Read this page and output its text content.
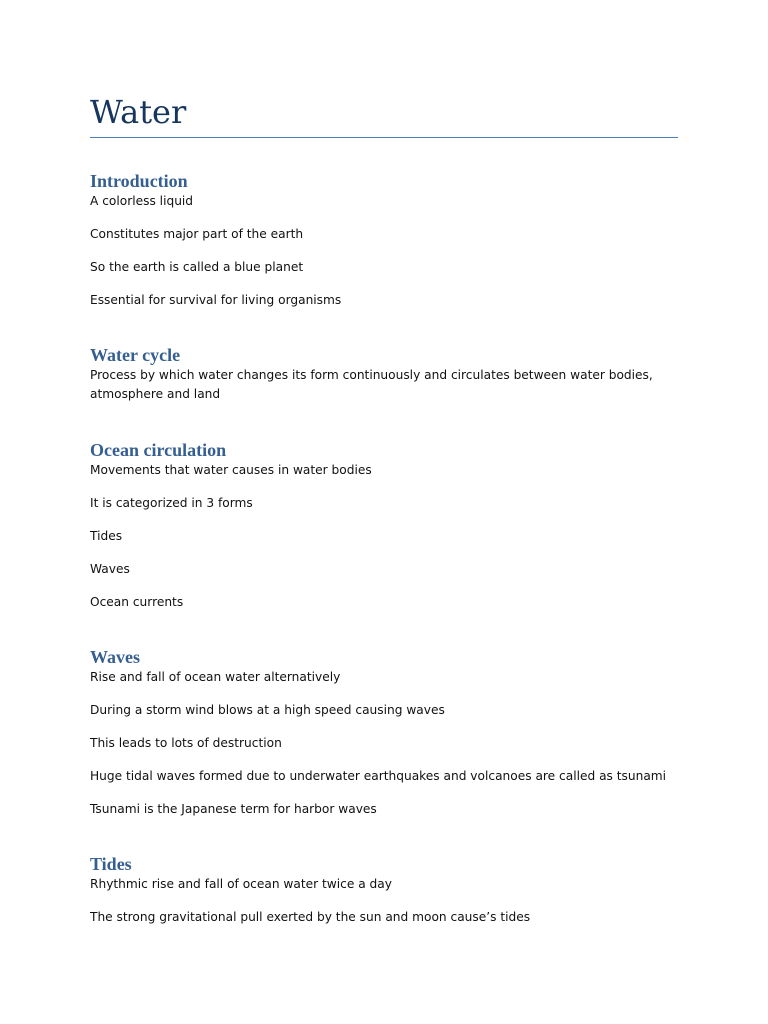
Water
Introduction

A colorless liquid

Constitutes major part of the earth

So the earth is called a blue planet

Essential for survival for living organisms

Water cycle

Process by which water changes its form continuously and circulates between water bodies, atmosphere and land

Ocean circulation

Movements that water causes in water bodies

It is categorized in 3 forms

Tides

Waves

Ocean currents

Waves

Rise and fall of ocean water alternatively

During a storm wind blows at a high speed causing waves

This leads to lots of destruction

Huge tidal waves formed due to underwater earthquakes and volcanoes are called as tsunami

Tsunami is the Japanese term for harbor waves

Tides

Rhythmic rise and fall of ocean water twice a day

The strong gravitational pull exerted by the sun and moon cause’s tides
